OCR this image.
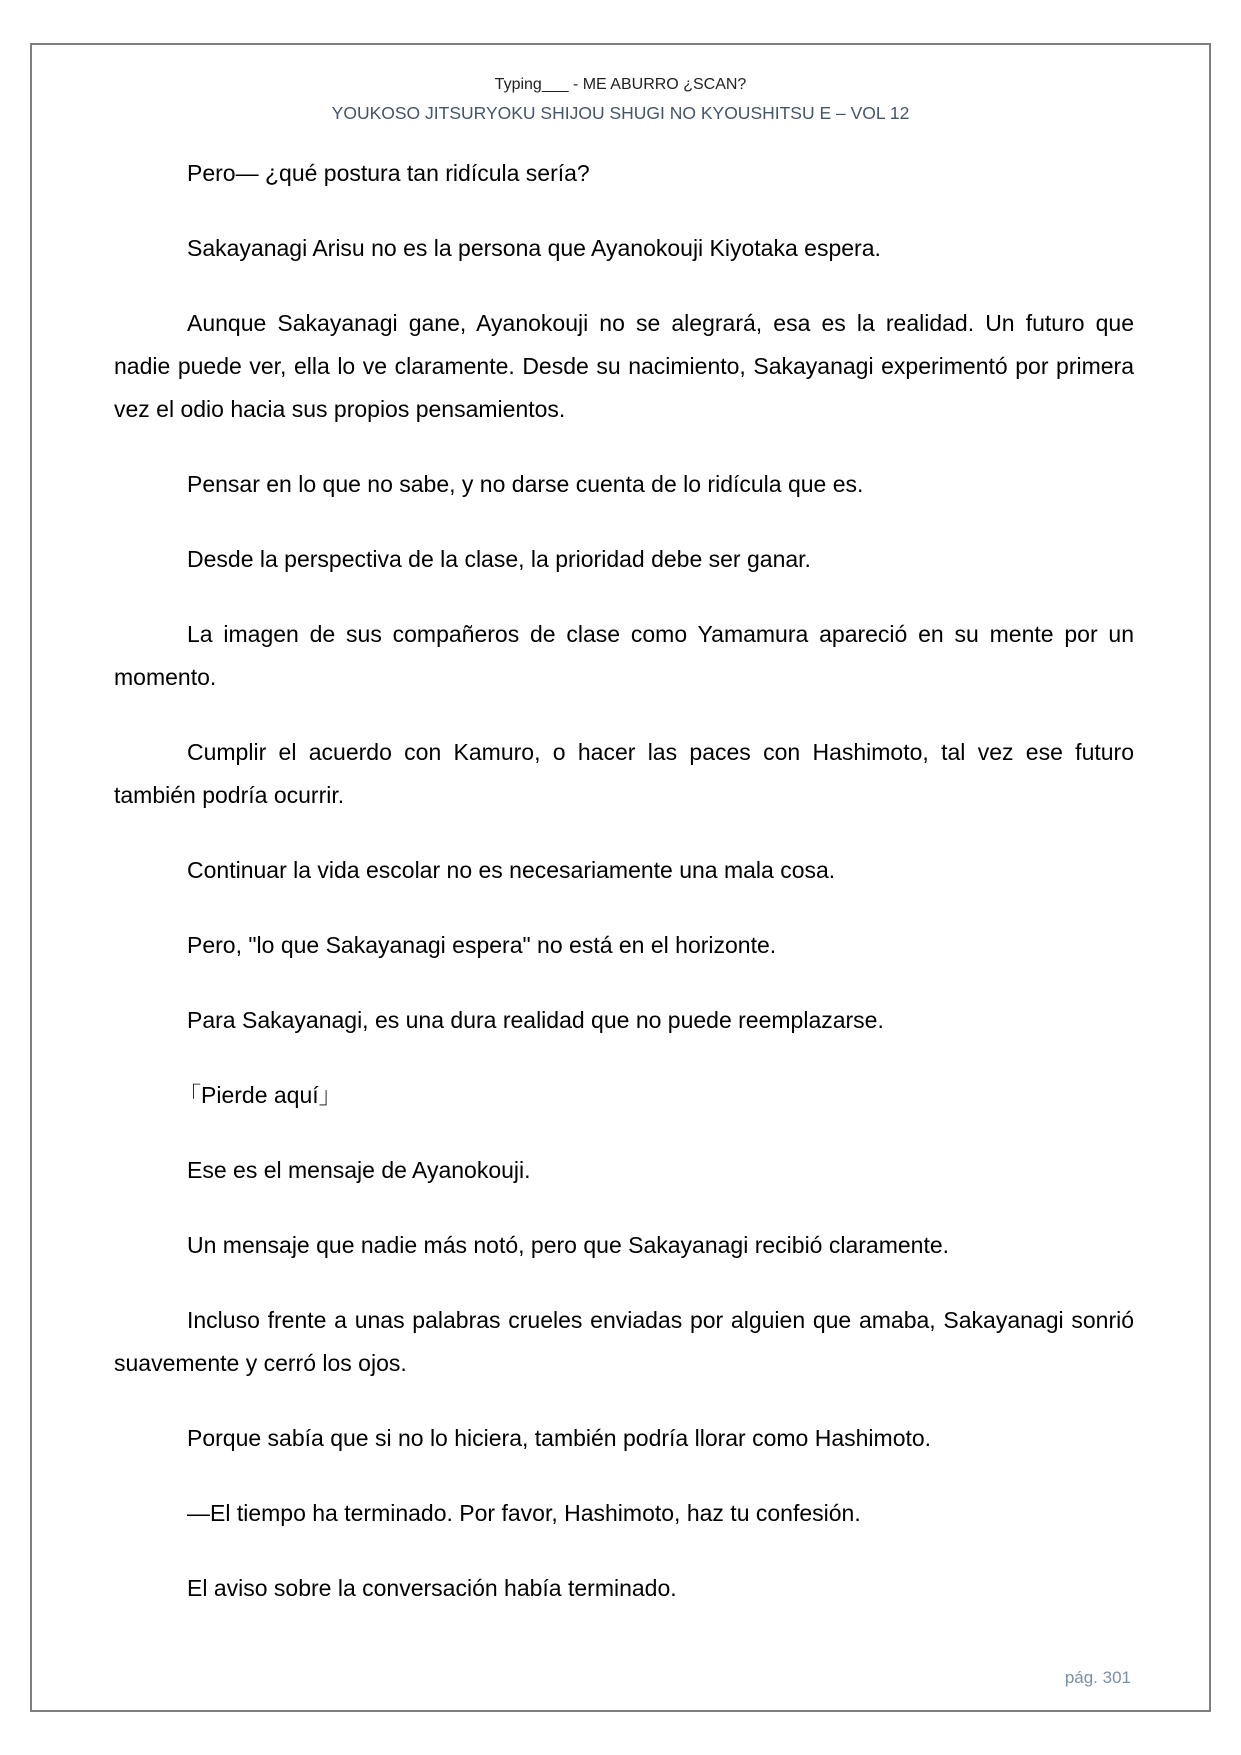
Typing___ - ME ABURRO ¿SCAN?
YOUKOSO JITSURYOKU SHIJOU SHUGI NO KYOUSHITSU E – VOL 12

Pero— ¿qué postura tan ridícula sería?

Sakayanagi Arisu no es la persona que Ayanokouji Kiyotaka espera.

Aunque Sakayanagi gane, Ayanokouji no se alegrará, esa es la realidad. Un futuro que nadie puede ver, ella lo ve claramente. Desde su nacimiento, Sakayanagi experimentó por primera vez el odio hacia sus propios pensamientos.

Pensar en lo que no sabe, y no darse cuenta de lo ridícula que es.

Desde la perspectiva de la clase, la prioridad debe ser ganar.

La imagen de sus compañeros de clase como Yamamura apareció en su mente por un momento.

Cumplir el acuerdo con Kamuro, o hacer las paces con Hashimoto, tal vez ese futuro también podría ocurrir.

Continuar la vida escolar no es necesariamente una mala cosa.

Pero, "lo que Sakayanagi espera" no está en el horizonte.

Para Sakayanagi, es una dura realidad que no puede reemplazarse.

「Pierde aquí」

Ese es el mensaje de Ayanokouji.

Un mensaje que nadie más notó, pero que Sakayanagi recibió claramente.

Incluso frente a unas palabras crueles enviadas por alguien que amaba, Sakayanagi sonrió suavemente y cerró los ojos.

Porque sabía que si no lo hiciera, también podría llorar como Hashimoto.

—El tiempo ha terminado. Por favor, Hashimoto, haz tu confesión.

El aviso sobre la conversación había terminado.

pág. 301
